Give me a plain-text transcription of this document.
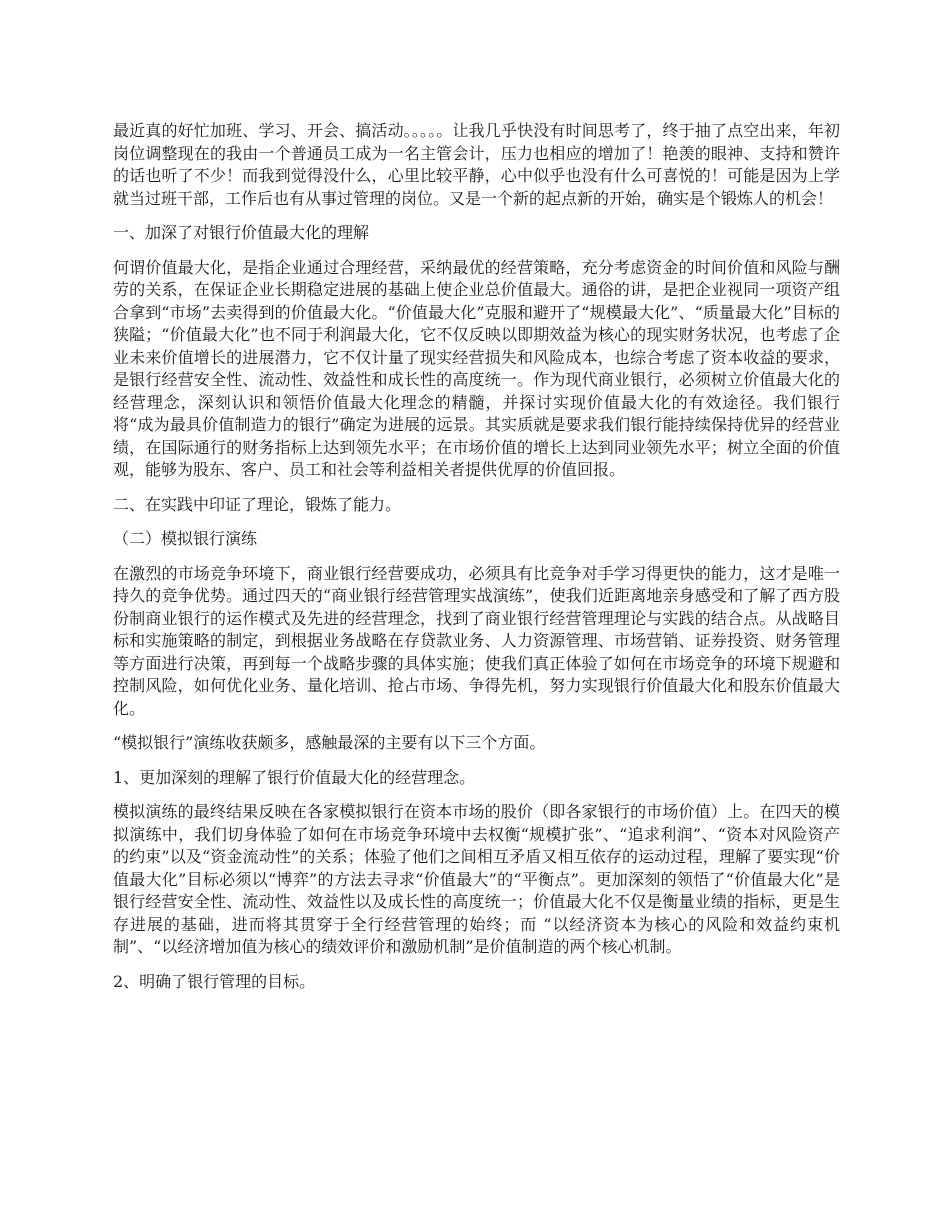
最近真的好忙加班、学习、开会、搞活动。。。。。让我几乎快没有时间思考了，终于抽了点空出来，年初岗位调整现在的我由一个普通员工成为一名主管会计，压力也相应的增加了！艳羡的眼神、支持和赞许的话也听了不少！而我到觉得没什么，心里比较平静，心中似乎也没有什么可喜悦的！可能是因为上学就当过班干部，工作后也有从事过管理的岗位。又是一个新的起点新的开始，确实是个锻炼人的机会！

一、加深了对银行价值最大化的理解

何谓价值最大化，是指企业通过合理经营，采纳最优的经营策略，充分考虑资金的时间价值和风险与酬劳的关系，在保证企业长期稳定进展的基础上使企业总价值最大。通俗的讲，是把企业视同一项资产组合拿到“市场”去卖得到的价值最大化。“价值最大化”克服和避开了“规模最大化”、“质量最大化”目标的狭隘；“价值最大化”也不同于利润最大化，它不仅反映以即期效益为核心的现实财务状况，也考虑了企业未来价值增长的进展潜力，它不仅计量了现实经营损失和风险成本，也综合考虑了资本收益的要求，是银行经营安全性、流动性、效益性和成长性的高度统一。作为现代商业银行，必须树立价值最大化的经营理念，深刻认识和领悟价值最大化理念的精髓，并探讨实现价值最大化的有效途径。我们银行将“成为最具价值制造力的银行”确定为进展的远景。其实质就是要求我们银行能持续保持优异的经营业绩，在国际通行的财务指标上达到领先水平；在市场价值的增长上达到同业领先水平；树立全面的价值观，能够为股东、客户、员工和社会等利益相关者提供优厚的价值回报。

二、在实践中印证了理论，锻炼了能力。

（二）模拟银行演练

在激烈的市场竞争环境下，商业银行经营要成功，必须具有比竞争对手学习得更快的能力，这才是唯一持久的竞争优势。通过四天的“商业银行经营管理实战演练”，使我们近距离地亲身感受和了解了西方股份制商业银行的运作模式及先进的经营理念，找到了商业银行经营管理理论与实践的结合点。从战略目标和实施策略的制定，到根据业务战略在存贷款业务、人力资源管理、市场营销、证券投资、财务管理等方面进行决策，再到每一个战略步骤的具体实施；使我们真正体验了如何在市场竞争的环境下规避和控制风险，如何优化业务、量化培训、抢占市场、争得先机，努力实现银行价值最大化和股东价值最大化。

“模拟银行”演练收获颇多，感触最深的主要有以下三个方面。

1、更加深刻的理解了银行价值最大化的经营理念。

模拟演练的最终结果反映在各家模拟银行在资本市场的股价（即各家银行的市场价值）上。在四天的模拟演练中，我们切身体验了如何在市场竞争环境中去权衡“规模扩张”、“追求利润”、“资本对风险资产的约束”以及“资金流动性”的关系；体验了他们之间相互矛盾又相互依存的运动过程，理解了要实现“价值最大化”目标必须以“博弈”的方法去寻求“价值最大”的“平衡点”。更加深刻的领悟了“价值最大化”是银行经营安全性、流动性、效益性以及成长性的高度统一；价值最大化不仅是衡量业绩的指标，更是生存进展的基础，进而将其贯穿于全行经营管理的始终；而 “以经济资本为核心的风险和效益约束机制”、“以经济增加值为核心的绩效评价和激励机制”是价值制造的两个核心机制。

2、明确了银行管理的目标。
